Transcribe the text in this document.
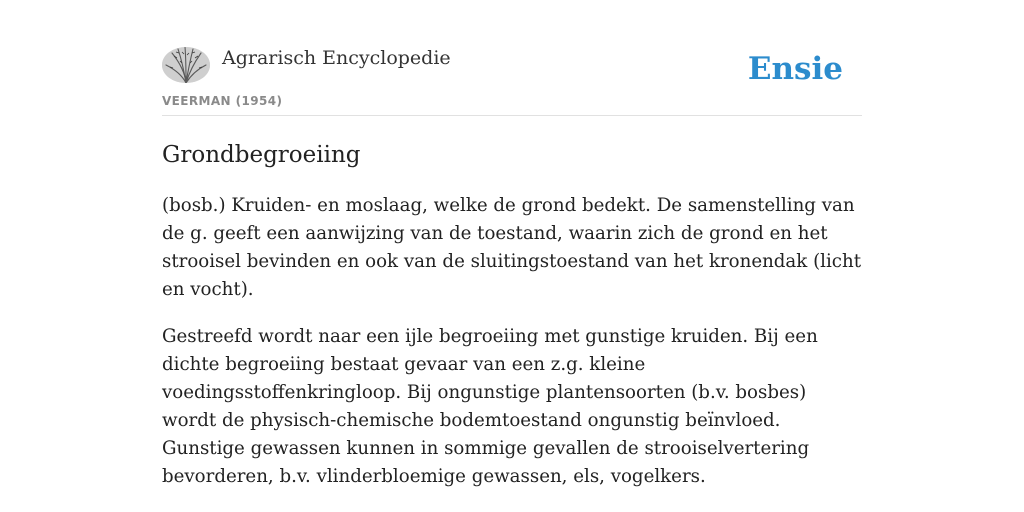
Agrarisch Encyclopedie
VEERMAN (1954)
Ensie
Grondbegroeiing

(bosb.) Kruiden- en moslaag, welke de grond bedekt. De samenstelling van de g. geeft een aanwijzing van de toestand, waarin zich de grond en het strooisel bevinden en ook van de sluitingstoestand van het kronendak (licht en vocht).

Gestreefd wordt naar een ijle begroeiing met gunstige kruiden. Bij een dichte begroeiing bestaat gevaar van een z.g. kleine voedingsstoffenkringloop. Bij ongunstige plantensoorten (b.v. bosbes) wordt de physisch-chemische bodemtoestand ongunstig beïnvloed. Gunstige gewassen kunnen in sommige gevallen de strooiselvertering bevorderen, b.v. vlinderbloemige gewassen, els, vogelkers.
